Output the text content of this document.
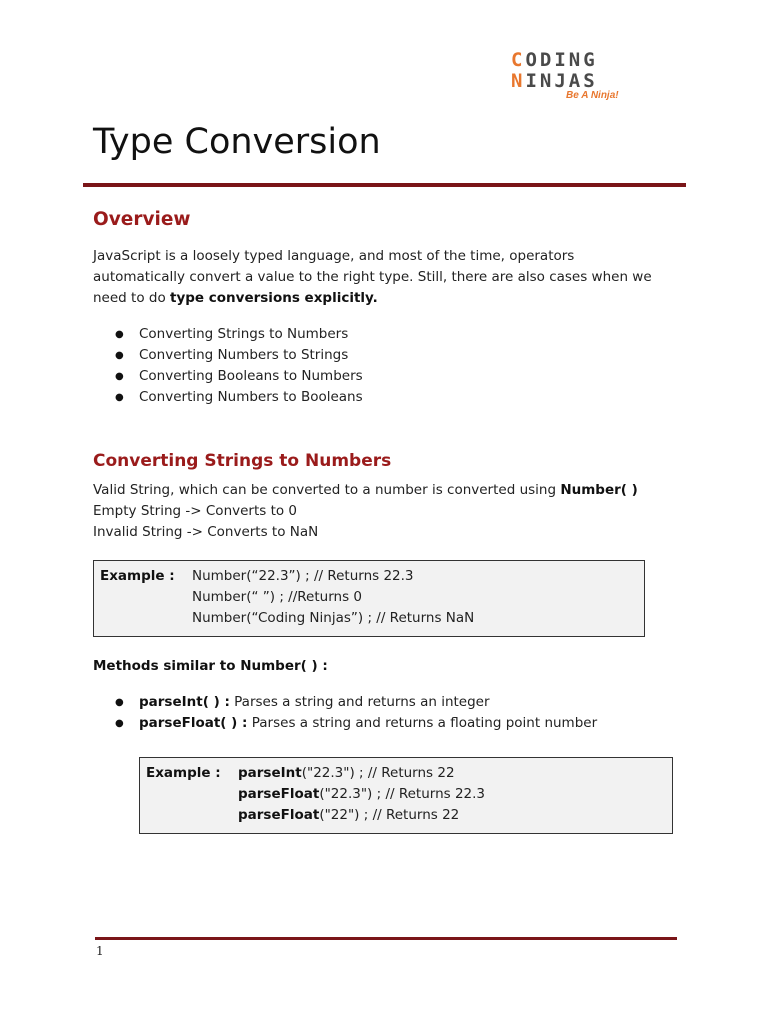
CODING
NINJAS
Be A Ninja!
Type Conversion
Overview
JavaScript is a loosely typed language, and most of the time, operators automatically convert a value to the right type. Still, there are also cases when we need to do type conversions explicitly.
● Converting Strings to Numbers
● Converting Numbers to Strings
● Converting Booleans to Numbers
● Converting Numbers to Booleans
Converting Strings to Numbers
Valid String, which can be converted to a number is converted using Number( )
Empty String -> Converts to 0
Invalid String -> Converts to NaN
Example : Number(“22.3”) ; // Returns 22.3
Number(“ ”) ; //Returns 0
Number(“Coding Ninjas”) ; // Returns NaN
Methods similar to Number( ) :
● parseInt( ) : Parses a string and returns an integer
● parseFloat( ) : Parses a string and returns a floating point number
Example : parseInt("22.3") ; // Returns 22
parseFloat("22.3") ; // Returns 22.3
parseFloat("22") ; // Returns 22
1
